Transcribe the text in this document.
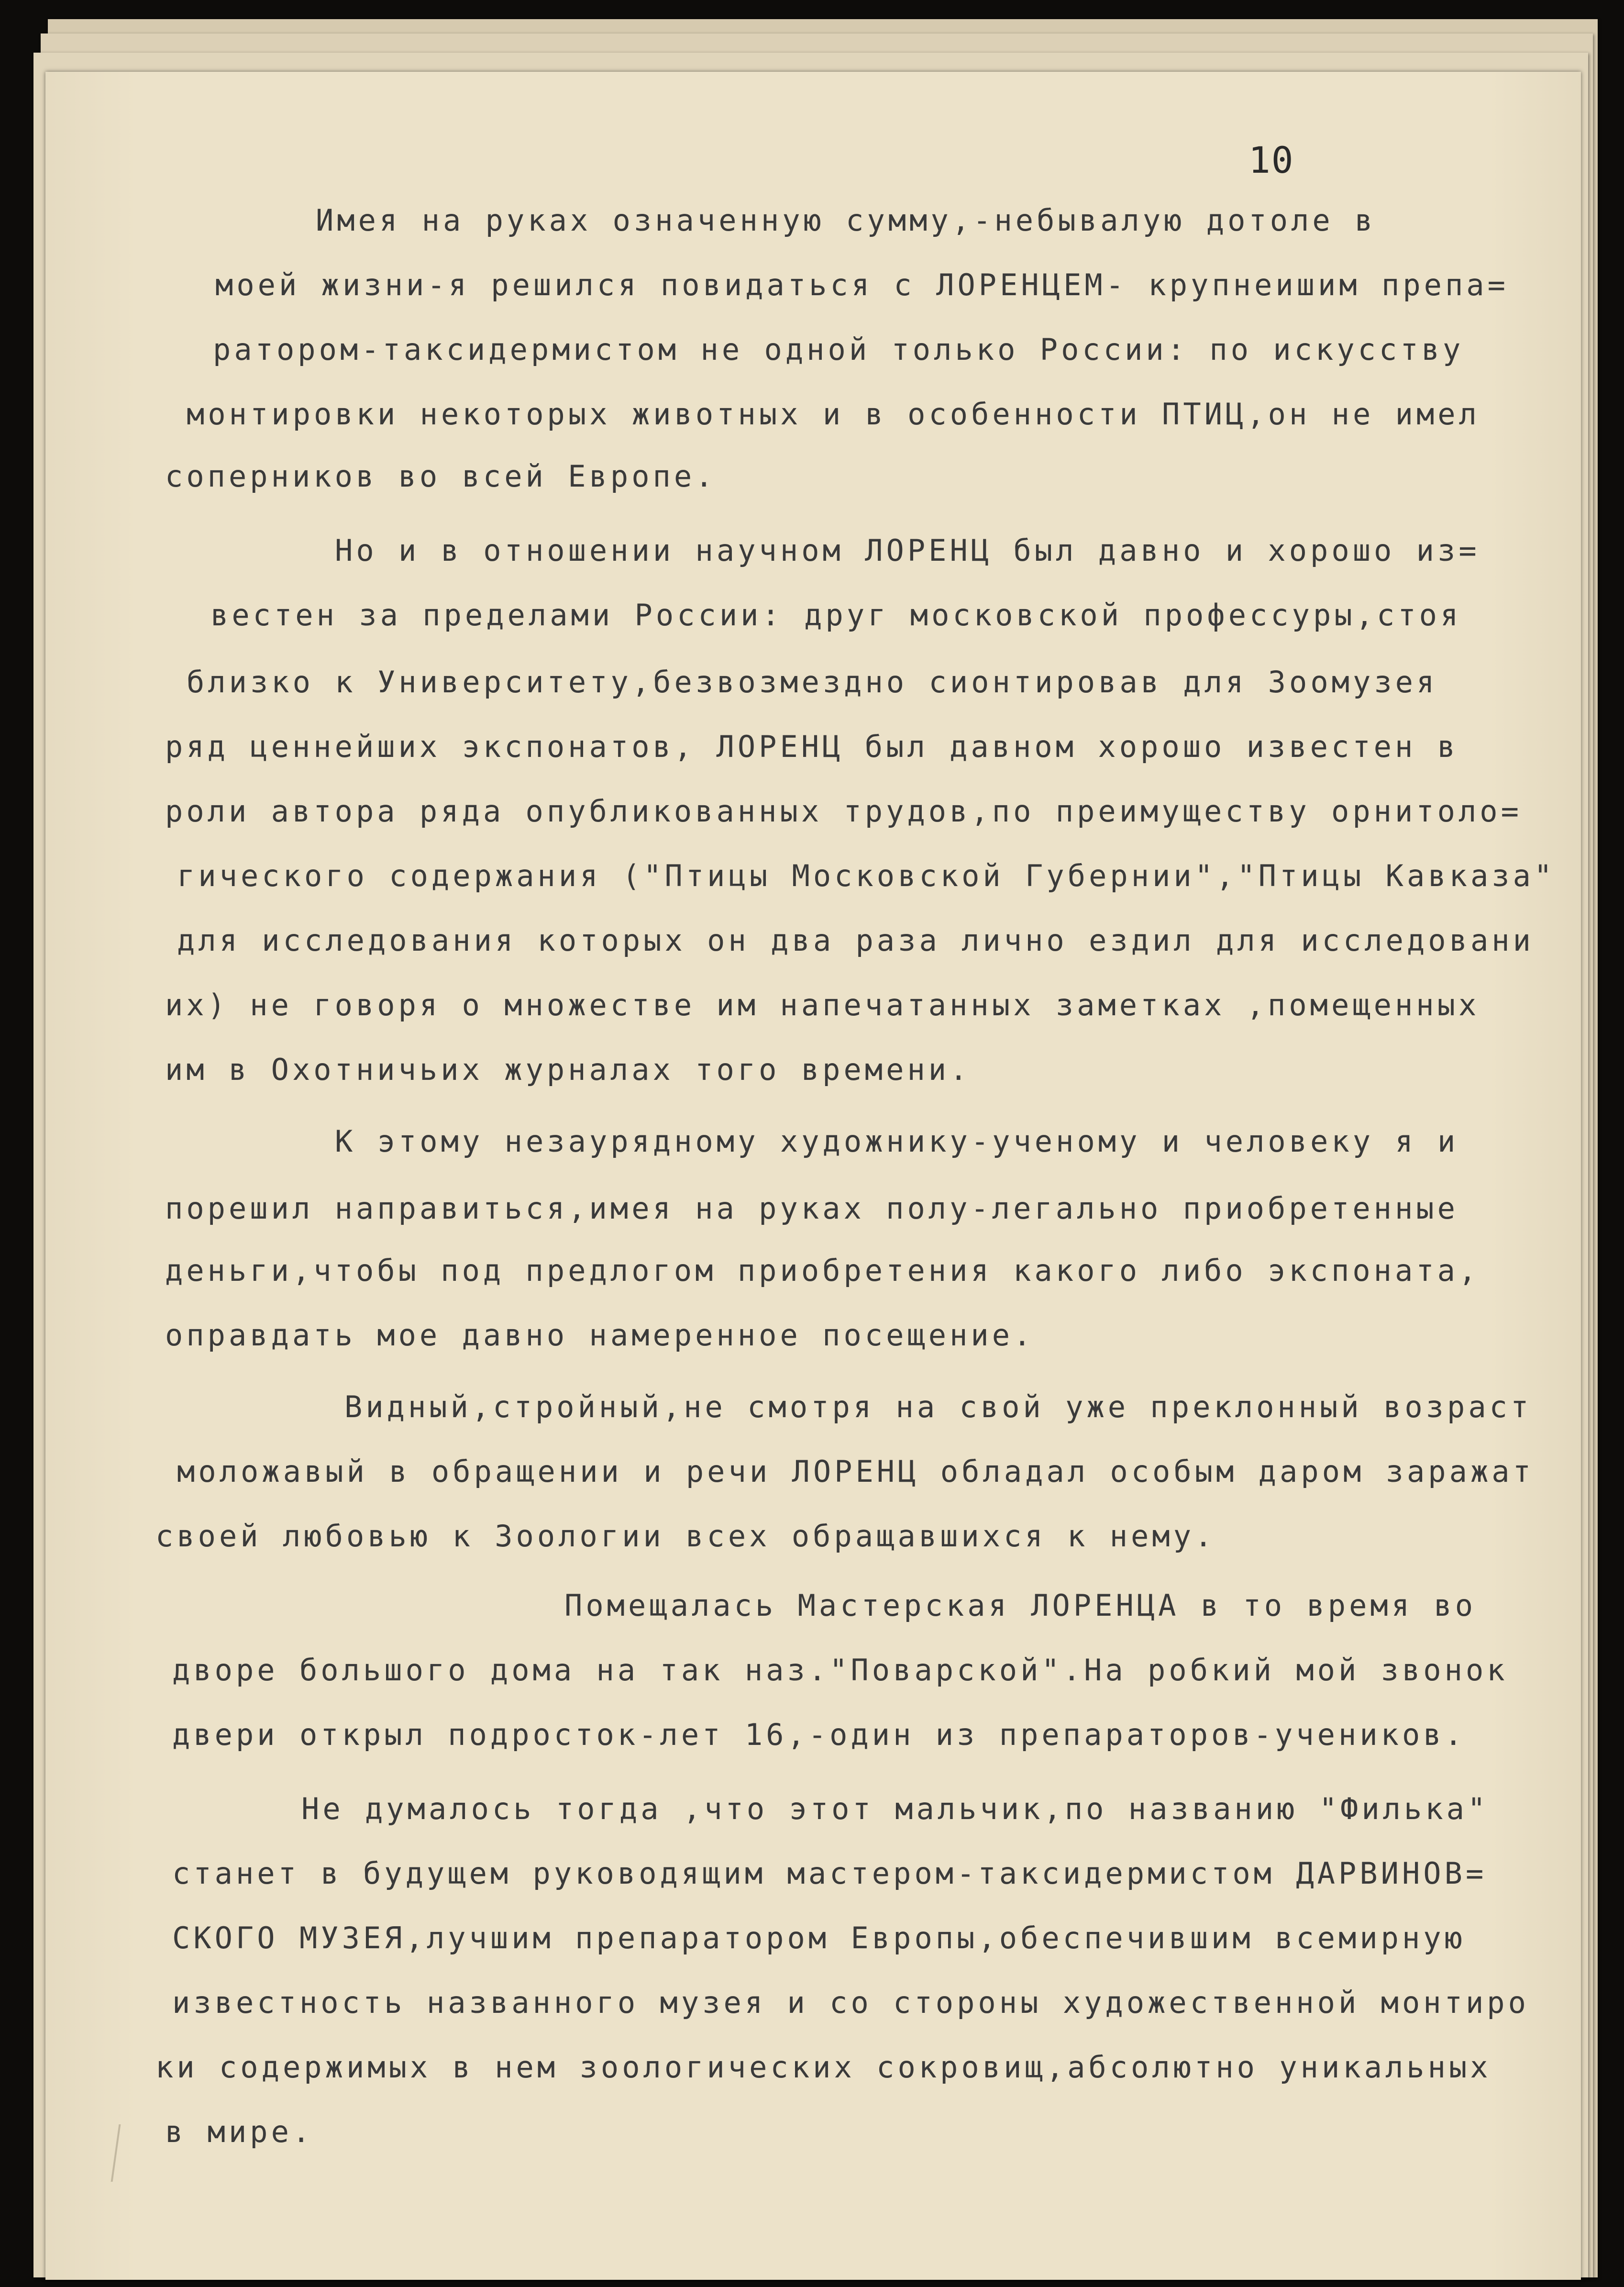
10
Имея на руках означенную сумму,-небывалую дотоле в
моей жизни-я решился повидаться с ЛОРЕНЦЕМ- крупнеишим препа=
ратором-таксидермистом не одной только России: по искусству
монтировки некоторых животных и в особенности ПТИЦ,он не имел
соперников во всей Европе.
Но и в отношении научном ЛОРЕНЦ был давно и хорошо из=
вестен за пределами России: друг московской профессуры,стоя
близко к Университету,безвозмездно сионтировав для Зоомузея
ряд ценнейших экспонатов, ЛОРЕНЦ был давном хорошо известен в
роли автора ряда опубликованных трудов,по преимуществу орнитоло=
гического содержания ("Птицы Московской Губернии","Птицы Кавказа"
для исследования которых он два раза лично ездил для исследовани
их) не говоря о множестве им напечатанных заметках ,помещенных
им в Охотничьих журналах того времени.
К этому незаурядному художнику-ученому и человеку я и
порешил направиться,имея на руках полу-легально приобретенные
деньги,чтобы под предлогом приобретения какого либо экспоната,
оправдать мое давно намеренное посещение.
Видный,стройный,не смотря на свой уже преклонный возраст
моложавый в обращении и речи ЛОРЕНЦ обладал особым даром заражат
своей любовью к Зоологии всех обращавшихся к нему.
Помещалась Мастерская ЛОРЕНЦА в то время во
дворе большого дома на так наз."Поварской".На робкий мой звонок
двери открыл подросток-лет 16,-один из препараторов-учеников.
Не думалось тогда ,что этот мальчик,по названию "Филька"
станет в будущем руководящим мастером-таксидермистом ДАРВИНОВ=
СКОГО МУЗЕЯ,лучшим препаратором Европы,обеспечившим всемирную
известность названного музея и со стороны художественной монтиро
ки содержимых в нем зоологических сокровищ,абсолютно уникальных
в мире.
